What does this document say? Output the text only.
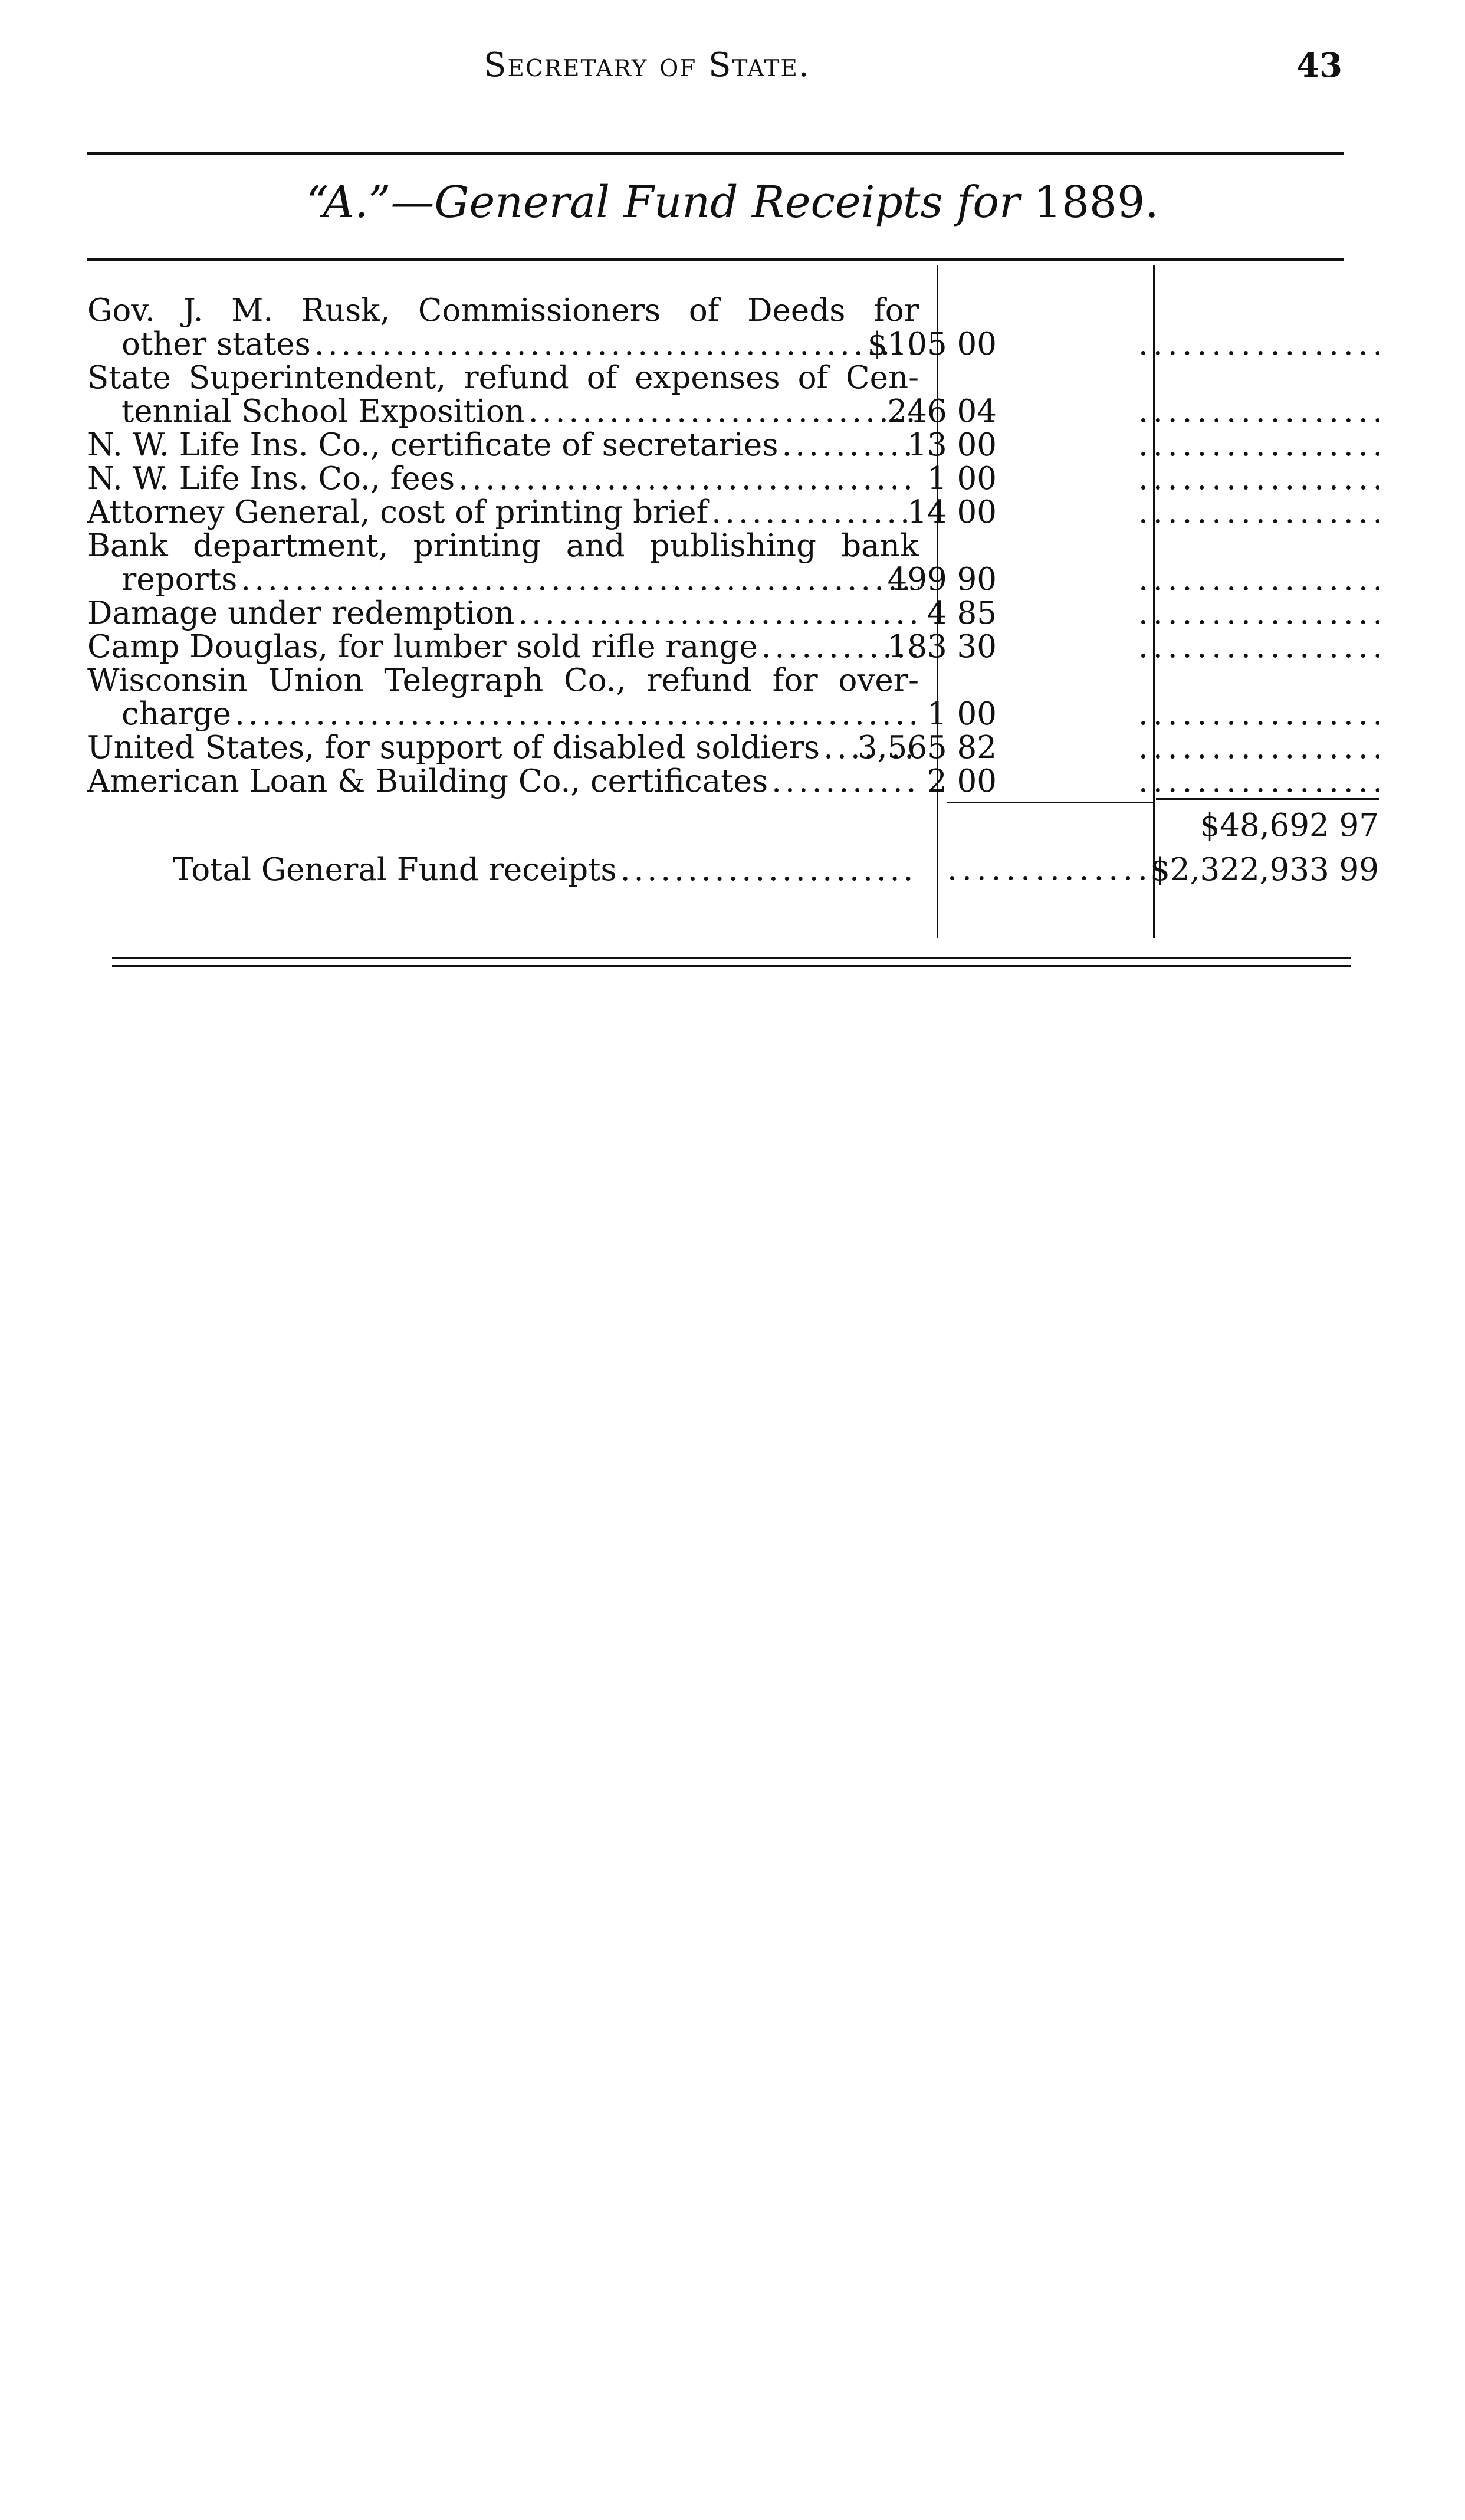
Secretary of State.	43
“A.”—General Fund Receipts for 1889.
Gov. J. M. Rusk, Commissioners of Deeds for
other states .....	$105 00
.....
State Superintendent, refund of expenses of Cen-
tennial School Exposition .....	246 04
.....
N. W. Life Ins. Co., certificate of secretaries .....	13 00
.....
N. W. Life Ins. Co., fees .....	1 00
.....
Attorney General, cost of printing brief .....	14 00
.....
Bank department, printing and publishing bank
reports .....	499 90
.....
Damage under redemption .....	4 85
.....
Camp Douglas, for lumber sold rifle range .....	183 30
.....
Wisconsin Union Telegraph Co., refund for over-
charge .....	1 00
.....
United States, for support of disabled soldiers ..... 3,565 82
.....
American Loan & Building Co., certificates .....	2 00
.....
$48,692 97
Total General Fund receipts ..... .....	$2,322,933 99
